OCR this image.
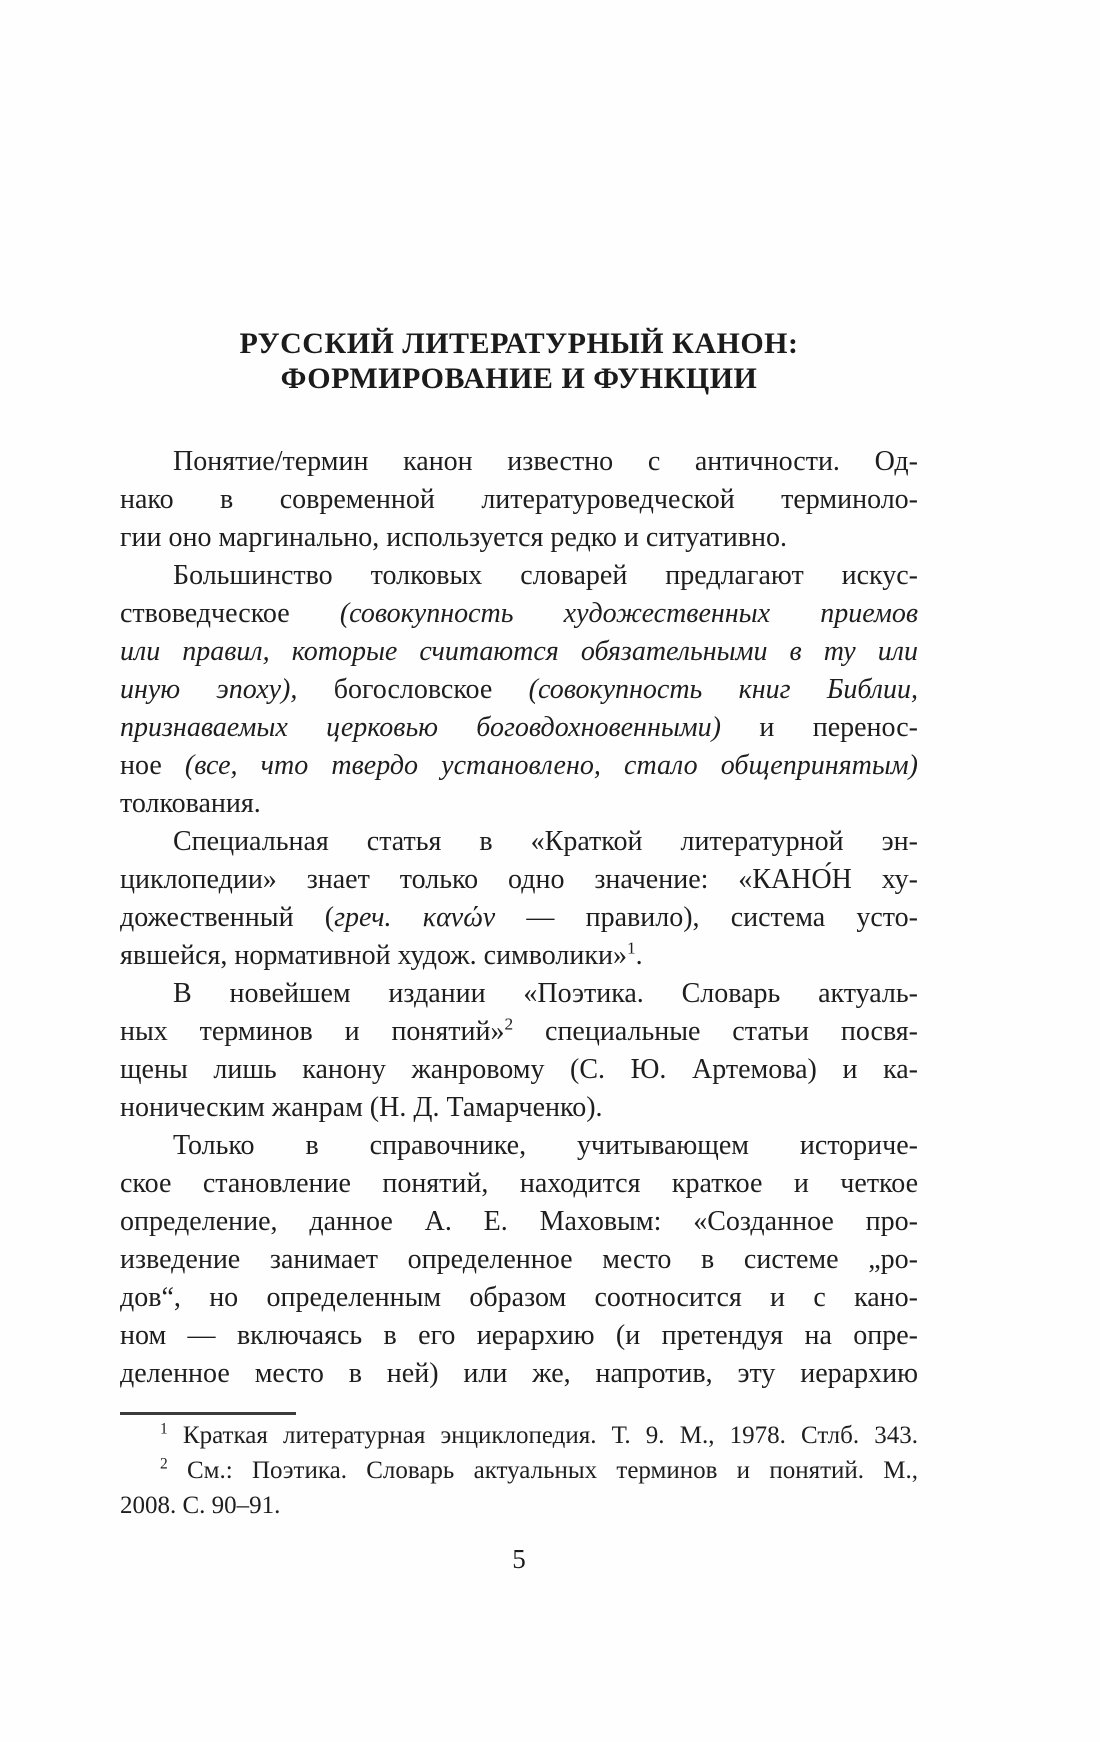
РУССКИЙ ЛИТЕРАТУРНЫЙ КАНОН:
ФОРМИРОВАНИЕ И ФУНКЦИИ
Понятие/термин канон известно с античности. Од-
нако в современной литературоведческой терминоло-
гии оно маргинально, используется редко и ситуативно.
Большинство толковых словарей предлагают искус-
ствоведческое (совокупность художественных приемов
или правил, которые считаются обязательными в ту или
иную эпоху), богословское (совокупность книг Библии,
признаваемых церковью боговдохновенными) и перенос-
ное (все, что твердо установлено, стало общепринятым)
толкования.
Специальная статья в «Краткой литературной эн-
циклопедии» знает только одно значение: «КАНО́Н ху-
дожественный (греч. κανών — правило), система усто-
явшейся, нормативной худож. символики»$^1$.
В новейшем издании «Поэтика. Словарь актуаль-
ных терминов и понятий»$^2$ специальные статьи посвя-
щены лишь канону жанровому (С. Ю. Артемова) и ка-
ноническим жанрам (Н. Д. Тамарченко).
Только в справочнике, учитывающем историче-
ское становление понятий, находится краткое и четкое
определение, данное А. Е. Маховым: «Созданное про-
изведение занимает определенное место в системе „ро-
дов“, но определенным образом соотносится и с кано-
ном — включаясь в его иерархию (и претендуя на опре-
деленное место в ней) или же, напротив, эту иерархию
$^1$ Краткая литературная энциклопедия. Т. 9. М., 1978. Стлб. 343.
$^2$ См.: Поэтика. Словарь актуальных терминов и понятий. М.,
2008. С. 90–91.
5
